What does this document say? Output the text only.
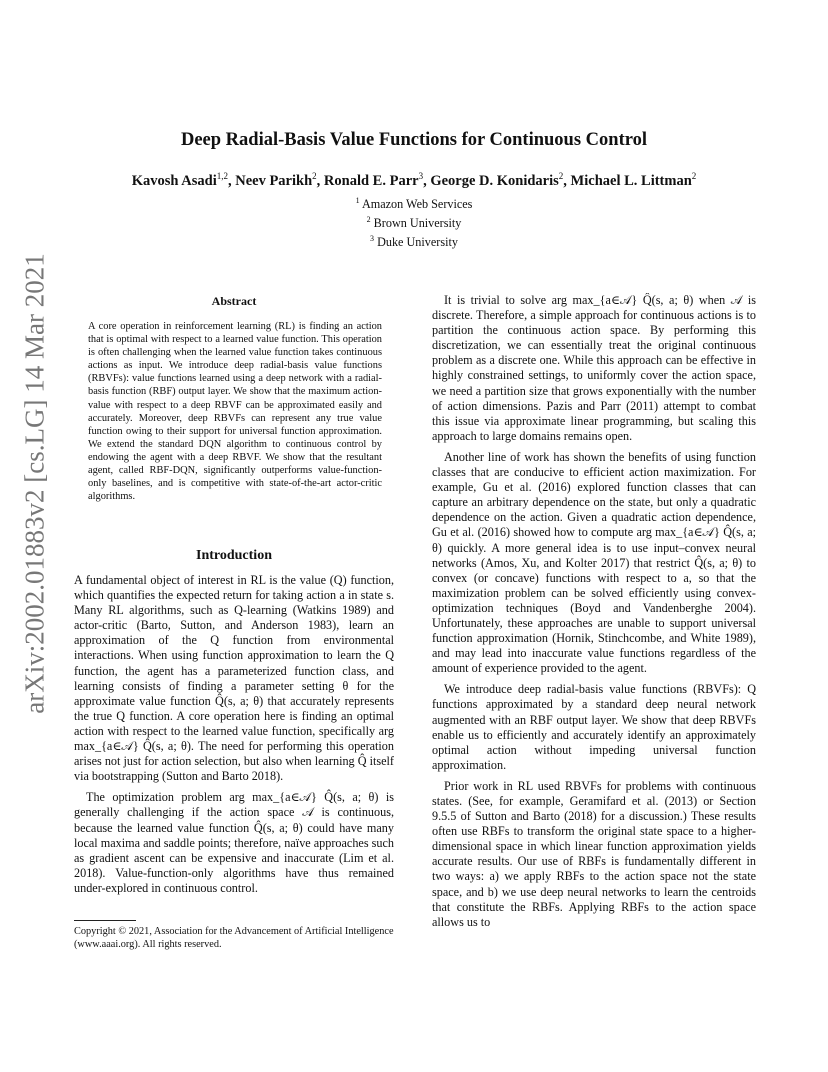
Deep Radial-Basis Value Functions for Continuous Control
Kavosh Asadi$^{1,2}$, Neev Parikh$^2$, Ronald E. Parr$^3$, George D. Konidaris$^2$, Michael L. Littman$^2$
$^1$ Amazon Web Services
$^2$ Brown University
$^3$ Duke University
arXiv:2002.01883v2 [cs.LG] 14 Mar 2021	Abstract
A core operation in reinforcement learning (RL) is finding an action that is optimal with respect to a learned value function. This operation is often challenging when the learned value function takes continuous actions as input. We introduce deep radial-basis value functions (RBVFs): value functions learned using a deep network with a radial-basis function (RBF) output layer. We show that the maximum action-value with respect to a deep RBVF can be approximated easily and accurately. Moreover, deep RBVFs can represent any true value function owing to their support for universal function approximation. We extend the standard DQN algorithm to continuous control by endowing the agent with a deep RBVF. We show that the resultant agent, called RBF-DQN, significantly outperforms value-function-only baselines, and is competitive with state-of-the-art actor-critic algorithms.
Introduction

A fundamental object of interest in RL is the value (Q) function, which quantifies the expected return for taking action a in state s. Many RL algorithms, such as Q-learning (Watkins 1989) and actor-critic (Barto, Sutton, and Anderson 1983), learn an approximation of the Q function from environmental interactions. When using function approximation to learn the Q function, the agent has a parameterized function class, and learning consists of finding a parameter setting θ for the approximate value function Q̂(s, a; θ) that accurately represents the true Q function. A core operation here is finding an optimal action with respect to the learned value function, specifically arg max_{a∈𝒜} Q̂(s, a; θ). The need for performing this operation arises not just for action selection, but also when learning Q̂ itself via bootstrapping (Sutton and Barto 2018).

The optimization problem arg max_{a∈𝒜} Q̂(s, a; θ) is generally challenging if the action space 𝒜 is continuous, because the learned value function Q̂(s, a; θ) could have many local maxima and saddle points; therefore, naïve approaches such as gradient ascent can be expensive and inaccurate (Lim et al. 2018). Value-function-only algorithms have thus remained under-explored in continuous control.

Copyright © 2021, Association for the Advancement of Artificial Intelligence (www.aaai.org). All rights reserved.

It is trivial to solve arg max_{a∈𝒜} Q̂(s, a; θ) when 𝒜 is discrete. Therefore, a simple approach for continuous actions is to partition the continuous action space. By performing this discretization, we can essentially treat the original continuous problem as a discrete one. While this approach can be effective in highly constrained settings, to uniformly cover the action space, we need a partition size that grows exponentially with the number of action dimensions. Pazis and Parr (2011) attempt to combat this issue via approximate linear programming, but scaling this approach to large domains remains open.

Another line of work has shown the benefits of using function classes that are conducive to efficient action maximization. For example, Gu et al. (2016) explored function classes that can capture an arbitrary dependence on the state, but only a quadratic dependence on the action. Given a quadratic action dependence, Gu et al. (2016) showed how to compute arg max_{a∈𝒜} Q̂(s, a; θ) quickly. A more general idea is to use input–convex neural networks (Amos, Xu, and Kolter 2017) that restrict Q̂(s, a; θ) to convex (or concave) functions with respect to a, so that the maximization problem can be solved efficiently using convex-optimization techniques (Boyd and Vandenberghe 2004). Unfortunately, these approaches are unable to support universal function approximation (Hornik, Stinchcombe, and White 1989), and may lead into inaccurate value functions regardless of the amount of experience provided to the agent.

We introduce deep radial-basis value functions (RBVFs): Q functions approximated by a standard deep neural network augmented with an RBF output layer. We show that deep RBVFs enable us to efficiently and accurately identify an approximately optimal action without impeding universal function approximation.

Prior work in RL used RBVFs for problems with continuous states. (See, for example, Geramifard et al. (2013) or Section 9.5.5 of Sutton and Barto (2018) for a discussion.) These results often use RBFs to transform the original state space to a higher-dimensional space in which linear function approximation yields accurate results. Our use of RBFs is fundamentally different in two ways: a) we apply RBFs to the action space not the state space, and b) we use deep neural networks to learn the centroids that constitute the RBFs. Applying RBFs to the action space allows us to
